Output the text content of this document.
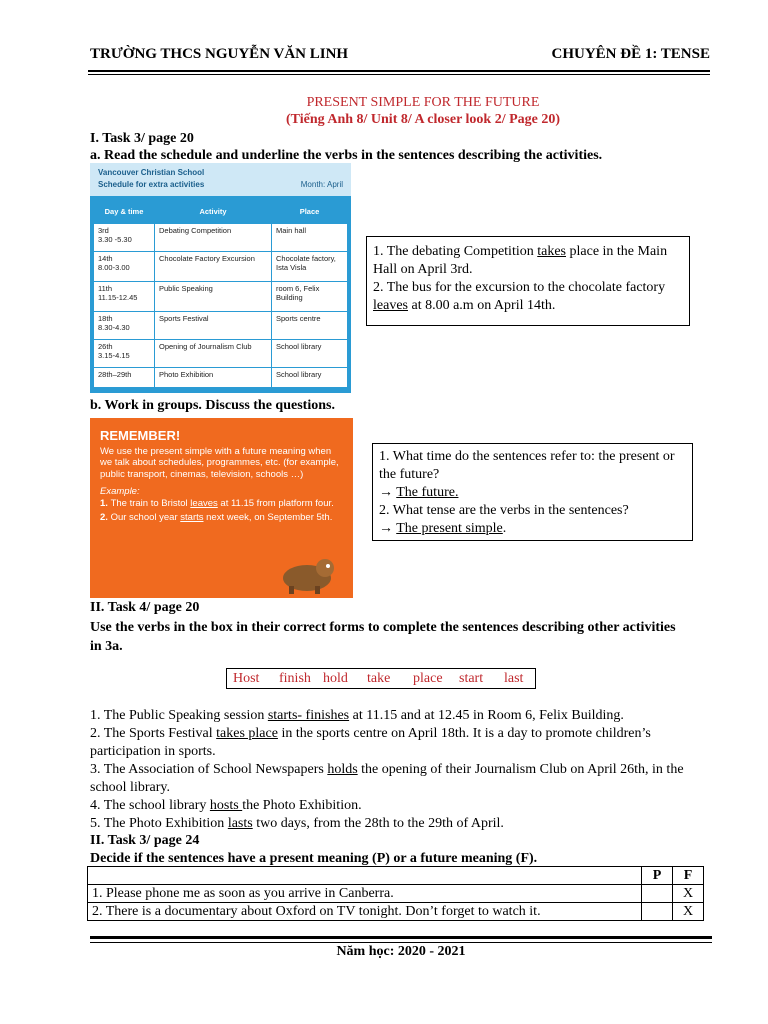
TRƯỜNG THCS NGUYỄN VĂN LINH	CHUYÊN ĐỀ 1: TENSE
PRESENT SIMPLE FOR THE FUTURE
(Tiếng Anh 8/ Unit 8/ A closer look 2/ Page 20)
I. Task 3/ page 20
a. Read the schedule and underline the verbs in the sentences describing the activities.
Vancouver Christian School
Schedule for extra activities	Month: April
Day & time	Activity	Place

3rd
3.30 -5.30	Debating Competition	Main hall

14th
8.00-3.00	Chocolate Factory Excursion	Chocolate factory, Ista Visla

11th
11.15-12.45	Public Speaking	room 6, Felix Building

18th
8.30-4.30	Sports Festival	Sports centre

26th
3.15-4.15	Opening of Journalism Club	School library

28th–29th	Photo Exhibition	School library

1. The debating Competition takes place in the Main Hall on April 3rd.

2. The bus for the excursion to the chocolate factory leaves at 8.00 a.m on April 14th.

b. Work in groups. Discuss the questions.
REMEMBER!
We use the present simple with a future meaning when we talk about schedules, programmes, etc. (for example, public transport, cinemas, television, schools …)
Example:
1. The train to Bristol leaves at 11.15 from platform four.
2. Our school year starts next week, on September 5th.

1. What time do the sentences refer to: the present or the future?

→ The future.

2. What tense are the verbs in the sentences?

→ The present simple.

II. Task 4/ page 20
Use the verbs in the box in their correct forms to complete the sentences describing other activities in 3a.
Host finish hold take place start last

1. The Public Speaking session starts- finishes at 11.15 and at 12.45 in Room 6, Felix Building.

2. The Sports Festival takes place in the sports centre on April 18th. It is a day to promote children’s participation in sports.

3. The Association of School Newspapers holds the opening of their Journalism Club on April 26th, in the school library.

4. The school library hosts the Photo Exhibition.

5. The Photo Exhibition lasts two days, from the 28th to the 29th of April.

II. Task 3/ page 24
Decide if the sentences have a present meaning (P) or a future meaning (F).
	P	F
1. Please phone me as soon as you arrive in Canberra.		X
2. There is a documentary about Oxford on TV tonight. Don’t forget to watch it.		X
Năm học: 2020 - 2021
